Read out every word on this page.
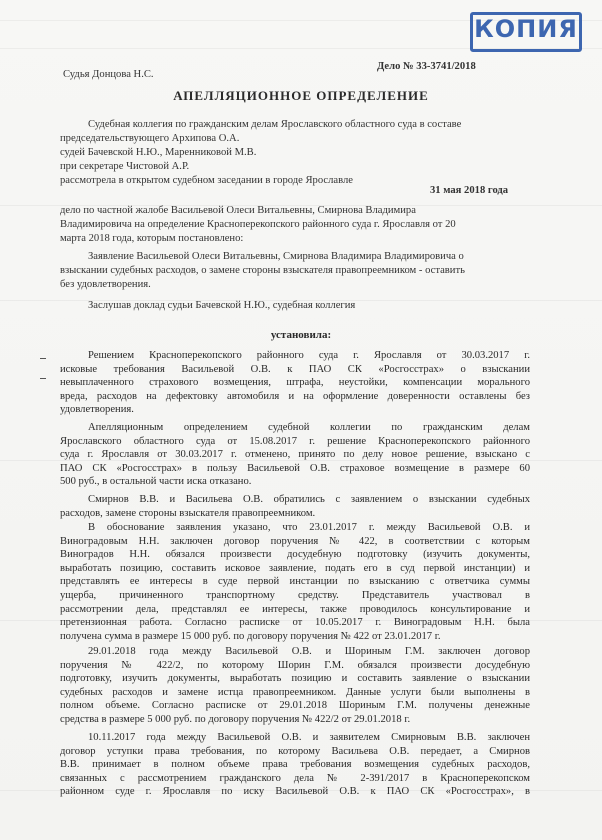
КОПИЯ
Судья Донцова Н.С.
Дело № 33-3741/2018
АПЕЛЛЯЦИОННОЕ ОПРЕДЕЛЕНИЕ
Судебная коллегия по гражданским делам Ярославского областного суда в составе
председательствующего Архипова О.А.
судей Бачевской Н.Ю., Маренниковой М.В.
при секретаре Чистовой А.Р.
рассмотрела в открытом судебном заседании в городе Ярославле
31 мая 2018 года
дело по частной жалобе Васильевой Олеси Витальевны, Смирнова Владимира
Владимировича на определение Красноперекопского районного суда г. Ярославля от 20
марта 2018 года, которым постановлено:
Заявление Васильевой Олеси Витальевны, Смирнова Владимира Владимировича о
взыскании судебных расходов, о замене стороны взыскателя правопреемником - оставить
без удовлетворения.
Заслушав доклад судьи Бачевской Н.Ю., судебная коллегия
установила:
Решением Красноперекопского районного суда г. Ярославля от 30.03.2017 г.
исковые требования Васильевой О.В. к ПАО СК «Росгосстрах» о взыскании
невыплаченного страхового возмещения, штрафа, неустойки, компенсации морального
вреда, расходов на дефектовку автомобиля и на оформление доверенности оставлены без
удовлетворения.
Апелляционным определением судебной коллегии по гражданским делам
Ярославского областного суда от 15.08.2017 г. решение Красноперекопского районного
суда г. Ярославля от 30.03.2017 г. отменено, принято по делу новое решение, взыскано с
ПАО СК «Росгосстрах» в пользу Васильевой О.В. страховое возмещение в размере 60
500 руб., в остальной части иска отказано.
Смирнов В.В. и Васильева О.В. обратились с заявлением о взыскании судебных
расходов, замене стороны взыскателя правопреемником.
В обоснование заявления указано, что 23.01.2017 г. между Васильевой О.В. и
Виноградовым Н.Н. заключен договор поручения № 422, в соответствии с которым
Виноградов Н.Н. обязался произвести досудебную подготовку (изучить документы,
выработать позицию, составить исковое заявление, подать его в суд первой инстанции) и
представлять ее интересы в суде первой инстанции по взысканию с ответчика суммы
ущерба, причиненного транспортному средству. Представитель участвовал в
рассмотрении дела, представлял ее интересы, также проводилось консультирование и
претензионная работа. Согласно расписке от 10.05.2017 г. Виноградовым Н.Н. была
получена сумма в размере 15 000 руб. по договору поручения № 422 от 23.01.2017 г.
29.01.2018 года между Васильевой О.В. и Шориным Г.М. заключен договор
поручения № 422/2, по которому Шорин Г.М. обязался произвести досудебную
подготовку, изучить документы, выработать позицию и составить заявление о взыскании
судебных расходов и замене истца правопреемником. Данные услуги были выполнены в
полном объеме. Согласно расписке от 29.01.2018 Шориным Г.М. получены денежные
средства в размере 5 000 руб. по договору поручения № 422/2 от 29.01.2018 г.
10.11.2017 года между Васильевой О.В. и заявителем Смирновым В.В. заключен
договор уступки права требования, по которому Васильева О.В. передает, а Смирнов
В.В. принимает в полном объеме права требования возмещения судебных расходов,
связанных с рассмотрением гражданского дела № 2-391/2017 в Красноперекопском
районном суде г. Ярославля по иску Васильевой О.В. к ПАО СК «Росгосстрах», в
